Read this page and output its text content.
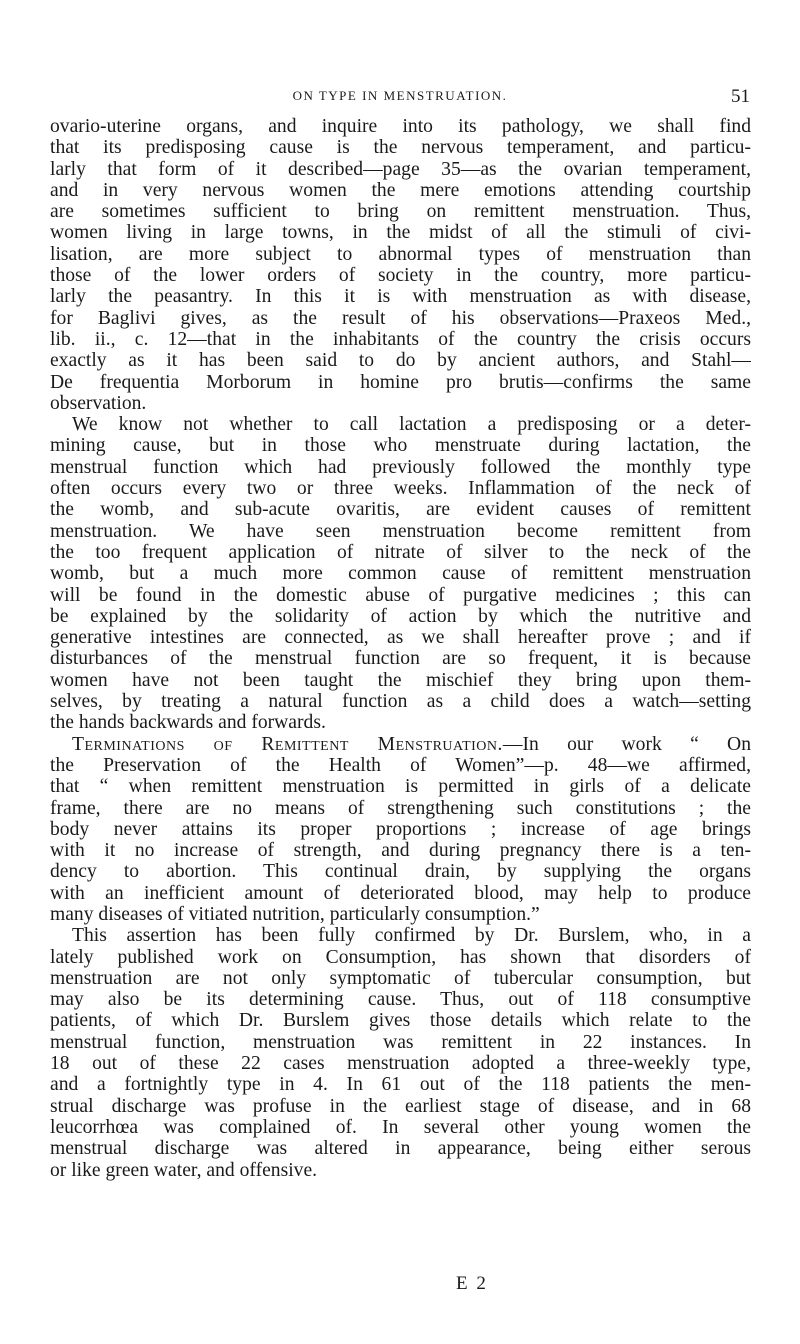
ON TYPE IN MENSTRUATION.	51
ovario-uterine organs, and inquire into its pathology, we shall find
that its predisposing cause is the nervous temperament, and particu-
larly that form of it described—page 35—as the ovarian temperament,
and in very nervous women the mere emotions attending courtship
are sometimes sufficient to bring on remittent menstruation. Thus,
women living in large towns, in the midst of all the stimuli of civi-
lisation, are more subject to abnormal types of menstruation than
those of the lower orders of society in the country, more particu-
larly the peasantry. In this it is with menstruation as with disease,
for Baglivi gives, as the result of his observations—Praxeos Med.,
lib. ii., c. 12—that in the inhabitants of the country the crisis occurs
exactly as it has been said to do by ancient authors, and Stahl—
De frequentia Morborum in homine pro brutis—confirms the same
observation.
We know not whether to call lactation a predisposing or a deter-
mining cause, but in those who menstruate during lactation, the
menstrual function which had previously followed the monthly type
often occurs every two or three weeks. Inflammation of the neck of
the womb, and sub-acute ovaritis, are evident causes of remittent
menstruation. We have seen menstruation become remittent from
the too frequent application of nitrate of silver to the neck of the
womb, but a much more common cause of remittent menstruation
will be found in the domestic abuse of purgative medicines ; this can
be explained by the solidarity of action by which the nutritive and
generative intestines are connected, as we shall hereafter prove ; and if
disturbances of the menstrual function are so frequent, it is because
women have not been taught the mischief they bring upon them-
selves, by treating a natural function as a child does a watch—setting
the hands backwards and forwards.
Terminations of Remittent Menstruation.—In our work “ On
the Preservation of the Health of Women”—p. 48—we affirmed,
that “ when remittent menstruation is permitted in girls of a delicate
frame, there are no means of strengthening such constitutions ; the
body never attains its proper proportions ; increase of age brings
with it no increase of strength, and during pregnancy there is a ten-
dency to abortion. This continual drain, by supplying the organs
with an inefficient amount of deteriorated blood, may help to produce
many diseases of vitiated nutrition, particularly consumption.”
This assertion has been fully confirmed by Dr. Burslem, who, in a
lately published work on Consumption, has shown that disorders of
menstruation are not only symptomatic of tubercular consumption, but
may also be its determining cause. Thus, out of 118 consumptive
patients, of which Dr. Burslem gives those details which relate to the
menstrual function, menstruation was remittent in 22 instances. In
18 out of these 22 cases menstruation adopted a three-weekly type,
and a fortnightly type in 4. In 61 out of the 118 patients the men-
strual discharge was profuse in the earliest stage of disease, and in 68
leucorrhœa was complained of. In several other young women the
menstrual discharge was altered in appearance, being either serous
or like green water, and offensive.
E 2
